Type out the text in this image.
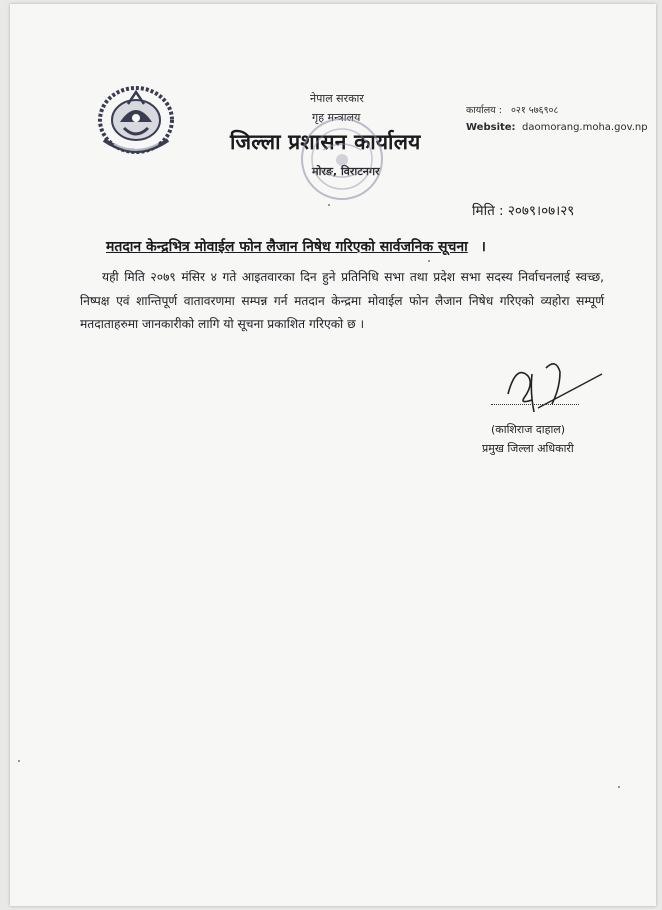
नेपाल सरकार
गृह मन्त्रालय
जिल्ला प्रशासन कार्यालय
मोरङ, विराटनगर
कार्यालय : ०२१ ५७६९०८
Website: daomorang.moha.gov.np
मिति : २०७९।०७।२९
मतदान केन्द्रभित्र मोवाईल फोन लैजान निषेध गरिएको सार्वजनिक सूचना ।
यही मिति २०७९ मंसिर ४ गते आइतवारका दिन हुने प्रतिनिधि सभा तथा प्रदेश सभा सदस्य निर्वाचनलाई स्वच्छ, निष्पक्ष एवं शान्तिपूर्ण वातावरणमा सम्पन्न गर्न मतदान केन्द्रमा मोवाईल फोन लैजान निषेध गरिएको व्यहोरा सम्पूर्ण मतदाताहरुमा जानकारीको लागि यो सूचना प्रकाशित गरिएको छ ।
(काशिराज दाहाल)
प्रमुख जिल्ला अधिकारी
